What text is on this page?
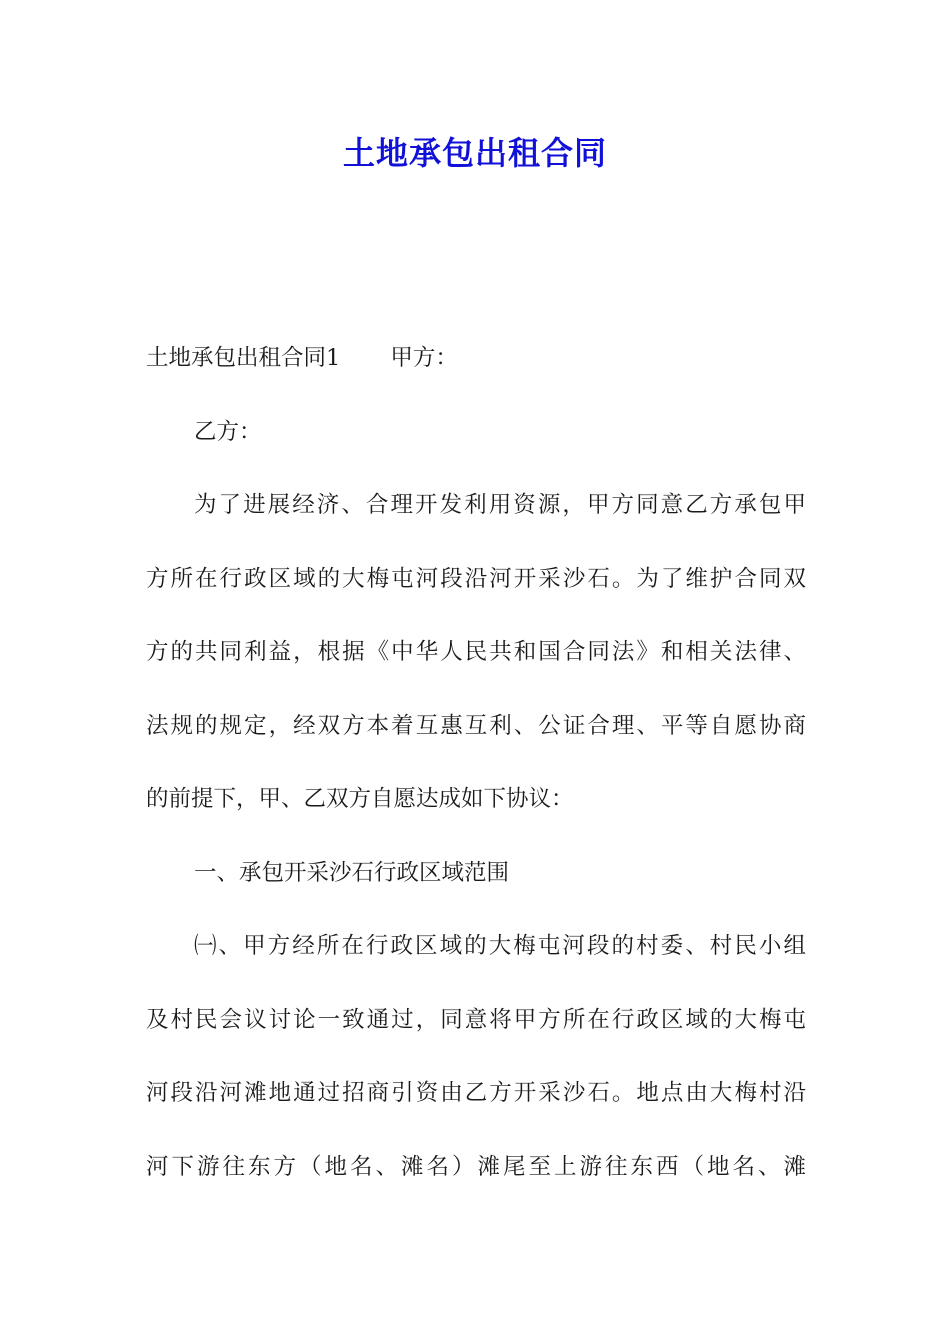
土地承包出租合同
土地承包出租合同1 甲方：
乙方：
为了进展经济、合理开发利用资源，甲方同意乙方承包甲
方所在行政区域的大梅屯河段沿河开采沙石。为了维护合同双
方的共同利益，根据《中华人民共和国合同法》和相关法律、
法规的规定，经双方本着互惠互利、公证合理、平等自愿协商
的前提下，甲、乙双方自愿达成如下协议：
一、承包开采沙石行政区域范围
㈠、甲方经所在行政区域的大梅屯河段的村委、村民小组
及村民会议讨论一致通过，同意将甲方所在行政区域的大梅屯
河段沿河滩地通过招商引资由乙方开采沙石。地点由大梅村沿
河下游往东方（地名、滩名）滩尾至上游往东西（地名、滩
